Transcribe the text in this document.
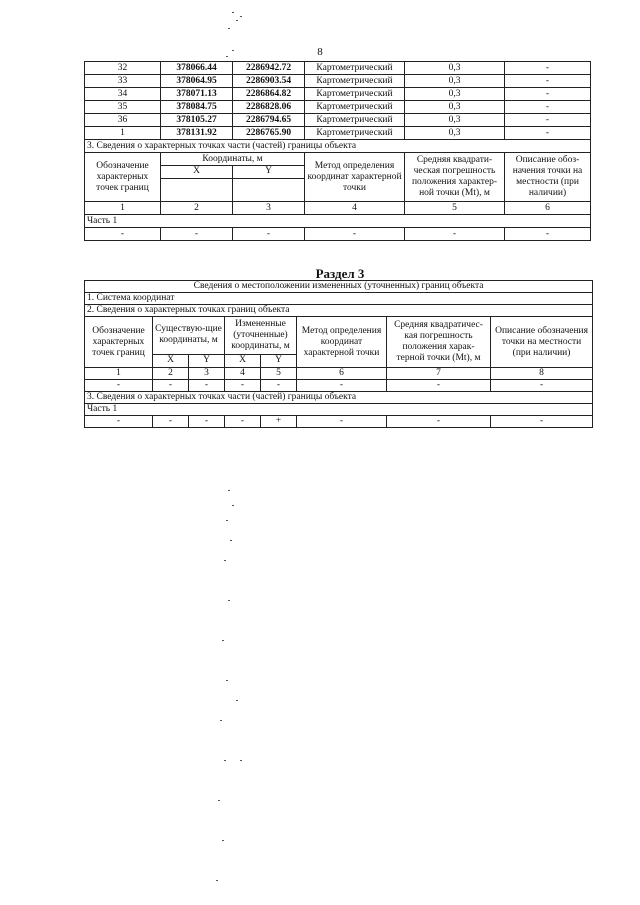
8
32	378066.44	2286942.72	Картометрический	0,3	-
33	378064.95	2286903.54	Картометрический	0,3	-
34	378071.13	2286864.82	Картометрический	0,3	-
35	378084.75	2286828.06	Картометрический	0,3	-
36	378105.27	2286794.65	Картометрический	0,3	-
1	378131.92	2286765.90	Картометрический	0,3	-
3. Сведения о характерных точках части (частей) границы объекта					
Обозначение характерных точек границ	Координаты, м		Метод определения координат характерной точки	Средняя квадрати-ческая погрешность положения характер-ной точки (Mt), м	Описание обоз-начения точки на местности (при наличии)
	X	Y			

1	2	3	4	5	6
Часть 1					
-	-	-	-	-	-
Раздел 3
Сведения о местоположении измененных (уточненных) границ объекта							
1. Система координат							
2. Сведения о характерных точках границ объекта							
Обозначение характерных точек границ	Существую-щие координаты, м		Измененные (уточненные) координаты, м		Метод определения координат характерной точки	Средняя квадратичес-кая погрешность положения харак-терной точки (Mt), м	Описание обозначения точки на местности (при наличии)
	X	Y	X	Y			
1	2	3	4	5	6	7	8
-	-	-	-	-	-	-	-
3. Сведения о характерных точках части (частей) границы объекта							
Часть 1							
-	-	-	-	+	-	-	-
